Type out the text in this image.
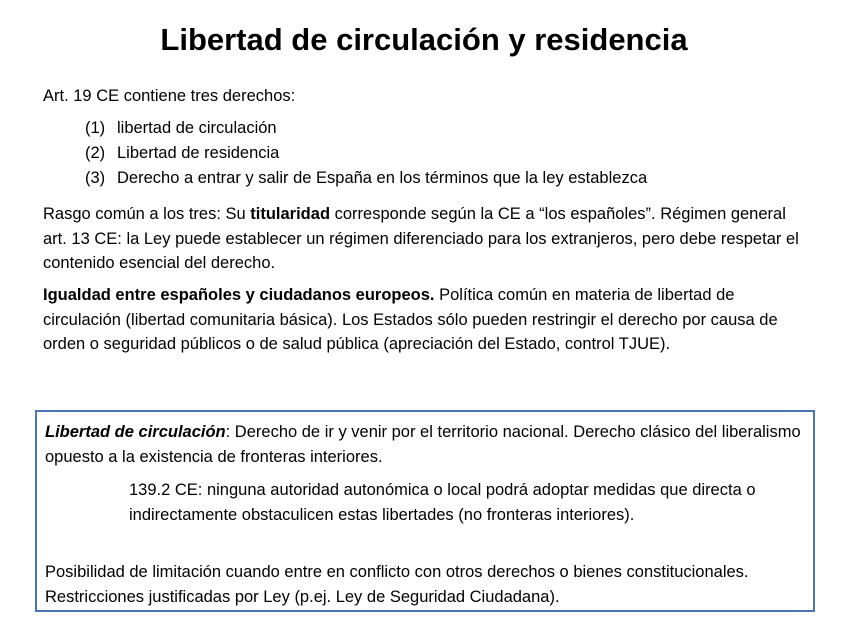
Libertad de circulación y residencia
Art. 19 CE contiene tres derechos:
(1) libertad de circulación
(2) Libertad de residencia
(3) Derecho a entrar y salir de España en los términos que la ley establezca
Rasgo común a los tres: Su titularidad corresponde según la CE a “los españoles”. Régimen general art. 13 CE: la Ley puede establecer un régimen diferenciado para los extranjeros, pero debe respetar el contenido esencial del derecho.
Igualdad entre españoles y ciudadanos europeos. Política común en materia de libertad de circulación (libertad comunitaria básica). Los Estados sólo pueden restringir el derecho por causa de orden o seguridad públicos o de salud pública (apreciación del Estado, control TJUE).
Libertad de circulación: Derecho de ir y venir por el territorio nacional. Derecho clásico del liberalismo opuesto a la existencia de fronteras interiores.
139.2 CE: ninguna autoridad autonómica o local podrá adoptar medidas que directa o indirectamente obstaculicen estas libertades (no fronteras interiores).
Posibilidad de limitación cuando entre en conflicto con otros derechos o bienes constitucionales. Restricciones justificadas por Ley (p.ej. Ley de Seguridad Ciudadana).
